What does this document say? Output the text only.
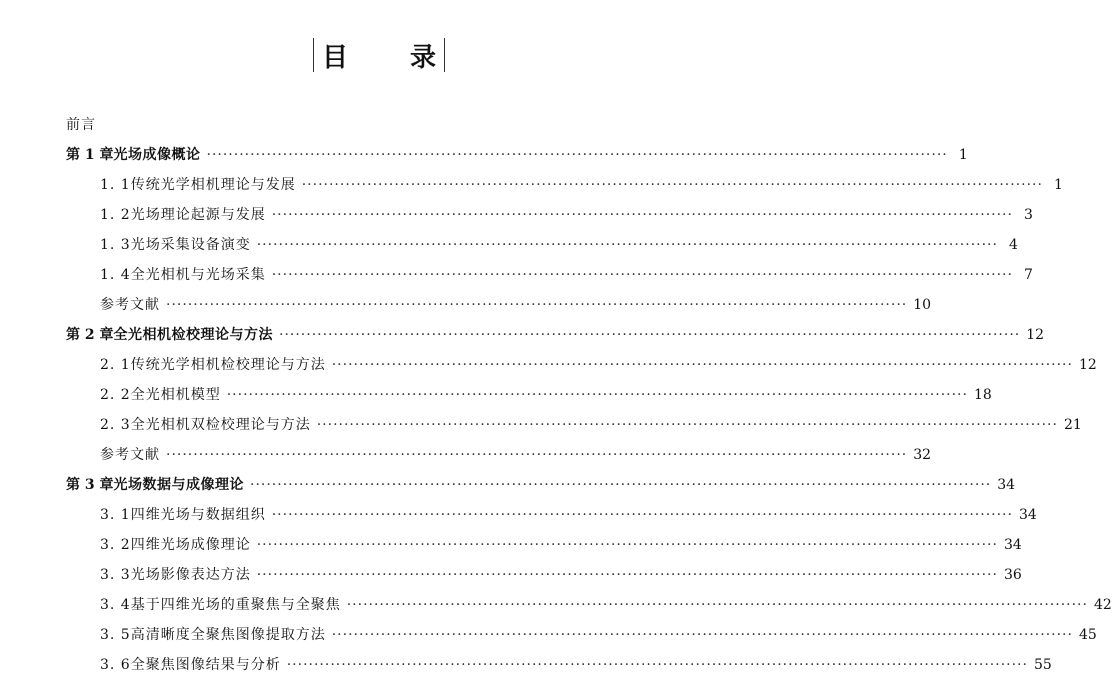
目 录
前言
第 1 章 光场成像概论 ········································································································································ 1
1. 1 传统光学相机理论与发展 ········································································································································ 1
1. 2 光场理论起源与发展 ········································································································································ 3
1. 3 光场采集设备演变 ········································································································································ 4
1. 4 全光相机与光场采集 ········································································································································ 7
参考文献 ········································································································································ 10
第 2 章 全光相机检校理论与方法 ········································································································································ 12
2. 1 传统光学相机检校理论与方法 ········································································································································ 12
2. 2 全光相机模型 ········································································································································ 18
2. 3 全光相机双检校理论与方法 ········································································································································ 21
参考文献 ········································································································································ 32
第 3 章 光场数据与成像理论 ········································································································································ 34
3. 1 四维光场与数据组织 ········································································································································ 34
3. 2 四维光场成像理论 ········································································································································ 34
3. 3 光场影像表达方法 ········································································································································ 36
3. 4 基于四维光场的重聚焦与全聚焦 ········································································································································ 42
3. 5 高清晰度全聚焦图像提取方法 ········································································································································ 45
3. 6 全聚焦图像结果与分析 ········································································································································ 55
